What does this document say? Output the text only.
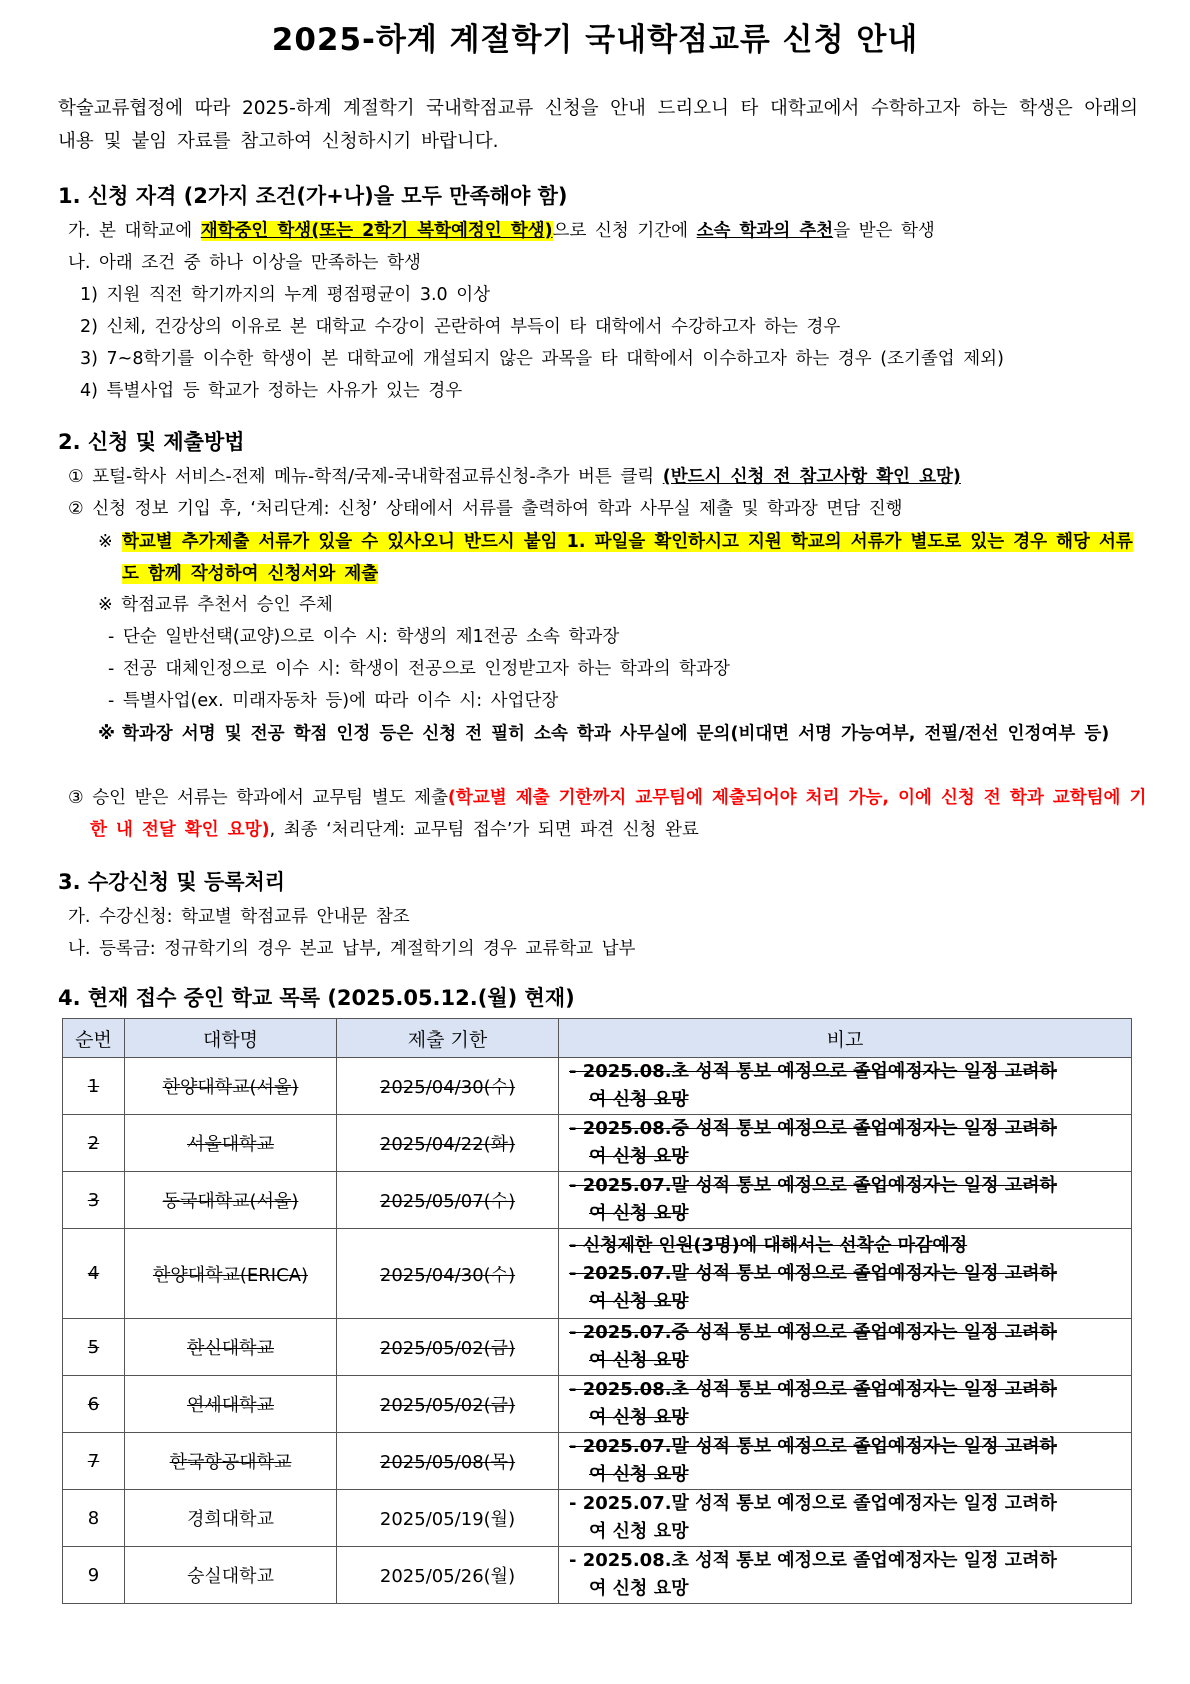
2025-하계 계절학기 국내학점교류 신청 안내
학술교류협정에 따라 2025-하계 계절학기 국내학점교류 신청을 안내 드리오니 타 대학교에서 수학하고자 하는 학생은 아래의 내용 및 붙임 자료를 참고하여 신청하시기 바랍니다.
1. 신청 자격 (2가지 조건(가+나)을 모두 만족해야 함)
가. 본 대학교에 재학중인 학생(또는 2학기 복학예정인 학생)으로 신청 기간에 소속 학과의 추천을 받은 학생
나. 아래 조건 중 하나 이상을 만족하는 학생
1) 지원 직전 학기까지의 누계 평점평균이 3.0 이상
2) 신체, 건강상의 이유로 본 대학교 수강이 곤란하여 부득이 타 대학에서 수강하고자 하는 경우
3) 7~8학기를 이수한 학생이 본 대학교에 개설되지 않은 과목을 타 대학에서 이수하고자 하는 경우 (조기졸업 제외)
4) 특별사업 등 학교가 정하는 사유가 있는 경우
2. 신청 및 제출방법
① 포털-학사 서비스-전제 메뉴-학적/국제-국내학점교류신청-추가 버튼 클릭 (반드시 신청 전 참고사항 확인 요망)
② 신청 정보 기입 후, ‘처리단계: 신청’ 상태에서 서류를 출력하여 학과 사무실 제출 및 학과장 면담 진행
※ 학교별 추가제출 서류가 있을 수 있사오니 반드시 붙임 1. 파일을 확인하시고 지원 학교의 서류가 별도로 있는 경우 해당 서류도 함께 작성하여 신청서와 제출
※ 학점교류 추천서 승인 주체
- 단순 일반선택(교양)으로 이수 시: 학생의 제1전공 소속 학과장
- 전공 대체인정으로 이수 시: 학생이 전공으로 인정받고자 하는 학과의 학과장
- 특별사업(ex. 미래자동차 등)에 따라 이수 시: 사업단장
※ 학과장 서명 및 전공 학점 인정 등은 신청 전 필히 소속 학과 사무실에 문의(비대면 서명 가능여부, 전필/전선 인정여부 등)
③ 승인 받은 서류는 학과에서 교무팀 별도 제출(학교별 제출 기한까지 교무팀에 제출되어야 처리 가능, 이에 신청 전 학과 교학팀에 기한 내 전달 확인 요망), 최종 ‘처리단계: 교무팀 접수’가 되면 파견 신청 완료
3. 수강신청 및 등록처리
가. 수강신청: 학교별 학점교류 안내문 참조
나. 등록금: 정규학기의 경우 본교 납부, 계절학기의 경우 교류학교 납부
4. 현재 접수 중인 학교 목록 (2025.05.12.(월) 현재)
순번	대학명	제출 기한	비고
1	한양대학교(서울)	2025/04/30(수)	- 2025.08.초 성적 통보 예정으로 졸업예정자는 일정 고려하
여 신청 요망

2	서울대학교	2025/04/22(화)	- 2025.08.중 성적 통보 예정으로 졸업예정자는 일정 고려하
여 신청 요망

3	동국대학교(서울)	2025/05/07(수)	- 2025.07.말 성적 통보 예정으로 졸업예정자는 일정 고려하
여 신청 요망

4	한양대학교(ERICA)	2025/04/30(수)	- 신청제한 인원(3명)에 대해서는 선착순 마감예정
- 2025.07.말 성적 통보 예정으로 졸업예정자는 일정 고려하
여 신청 요망

5	한신대학교	2025/05/02(금)	- 2025.07.중 성적 통보 예정으로 졸업예정자는 일정 고려하
여 신청 요망

6	연세대학교	2025/05/02(금)	- 2025.08.초 성적 통보 예정으로 졸업예정자는 일정 고려하
여 신청 요망

7	한국항공대학교	2025/05/08(목)	- 2025.07.말 성적 통보 예정으로 졸업예정자는 일정 고려하
여 신청 요망

8	경희대학교	2025/05/19(월)	- 2025.07.말 성적 통보 예정으로 졸업예정자는 일정 고려하
여 신청 요망

9	숭실대학교	2025/05/26(월)	- 2025.08.초 성적 통보 예정으로 졸업예정자는 일정 고려하
여 신청 요망
